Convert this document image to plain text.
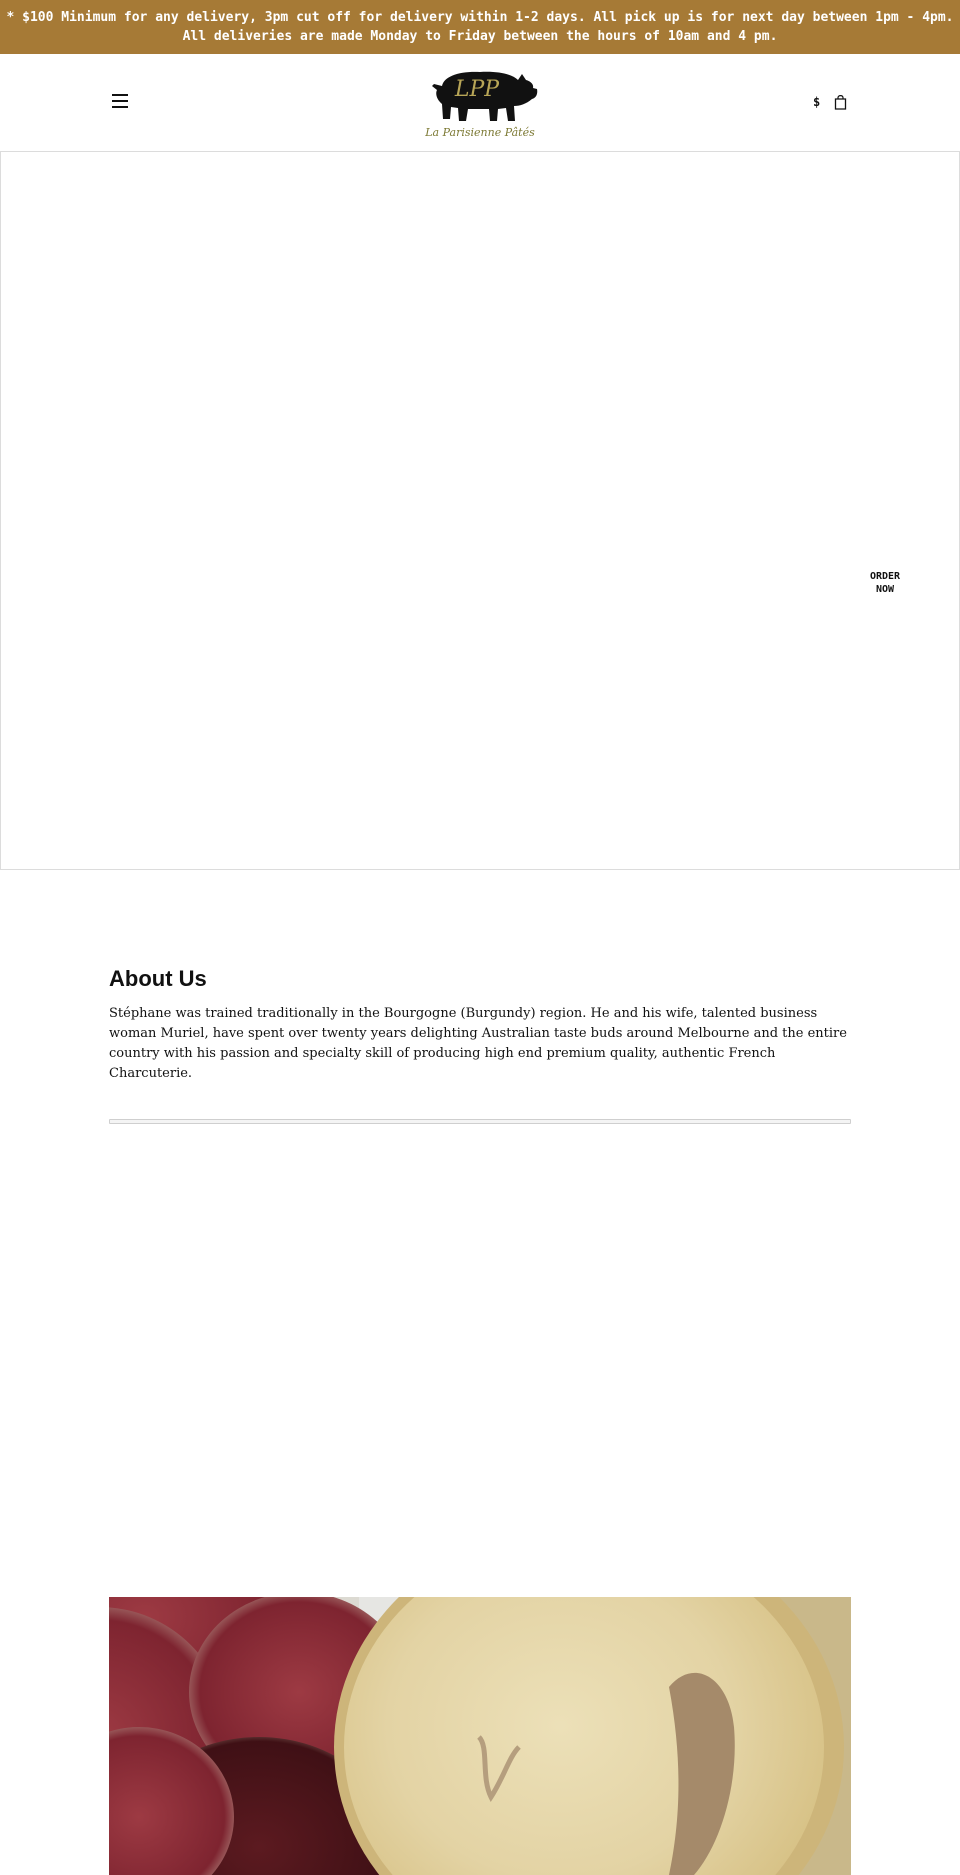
* $100 Minimum for any delivery, 3pm cut off for delivery within 1-2 days. All pick up is for next day between 1pm - 4pm.
All deliveries are made Monday to Friday between the hours of 10am and 4 pm.
LPP
La Parisienne Pâtés
$
ORDER
NOW
About Us

Stéphane was trained traditionally in the Bourgogne (Burgundy) region. He and his wife, talented business woman Muriel, have spent over twenty years delighting Australian taste buds around Melbourne and the entire country with his passion and specialty skill of producing high end premium quality, authentic French Charcuterie.
